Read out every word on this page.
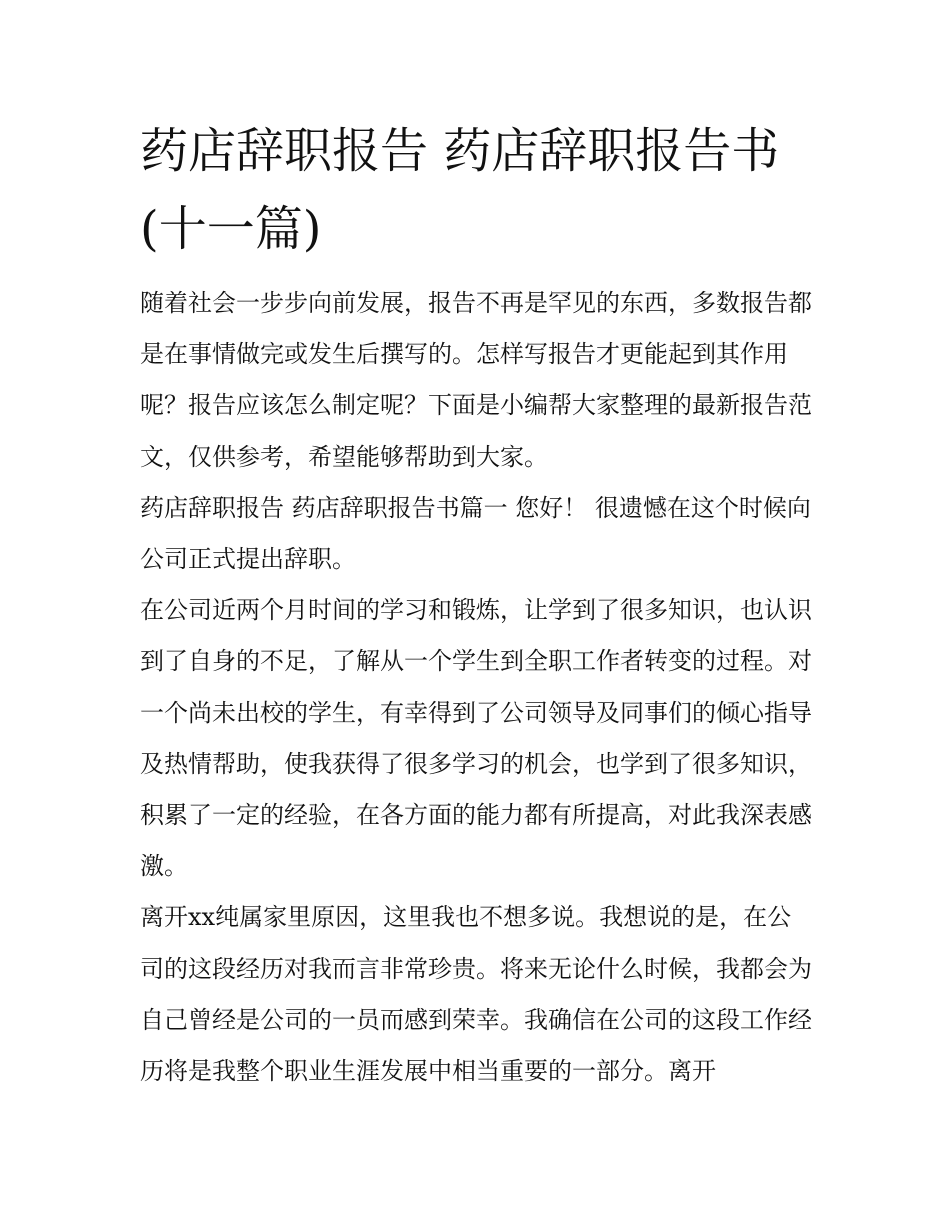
药店辞职报告 药店辞职报告书(十一篇)

随着社会一步步向前发展，报告不再是罕见的东西，多数报告都是在事情做完或发生后撰写的。怎样写报告才更能起到其作用呢？报告应该怎么制定呢？下面是小编帮大家整理的最新报告范文，仅供参考，希望能够帮助到大家。

药店辞职报告 药店辞职报告书篇一 您好！ 很遗憾在这个时候向公司正式提出辞职。

在公司近两个月时间的学习和锻炼，让学到了很多知识，也认识到了自身的不足，了解从一个学生到全职工作者转变的过程。对一个尚未出校的学生，有幸得到了公司领导及同事们的倾心指导及热情帮助，使我获得了很多学习的机会，也学到了很多知识，积累了一定的经验，在各方面的能力都有所提高，对此我深表感激。

离开xx纯属家里原因，这里我也不想多说。我想说的是，在公司的这段经历对我而言非常珍贵。将来无论什么时候，我都会为自己曾经是公司的一员而感到荣幸。我确信在公司的这段工作经历将是我整个职业生涯发展中相当重要的一部分。离开
